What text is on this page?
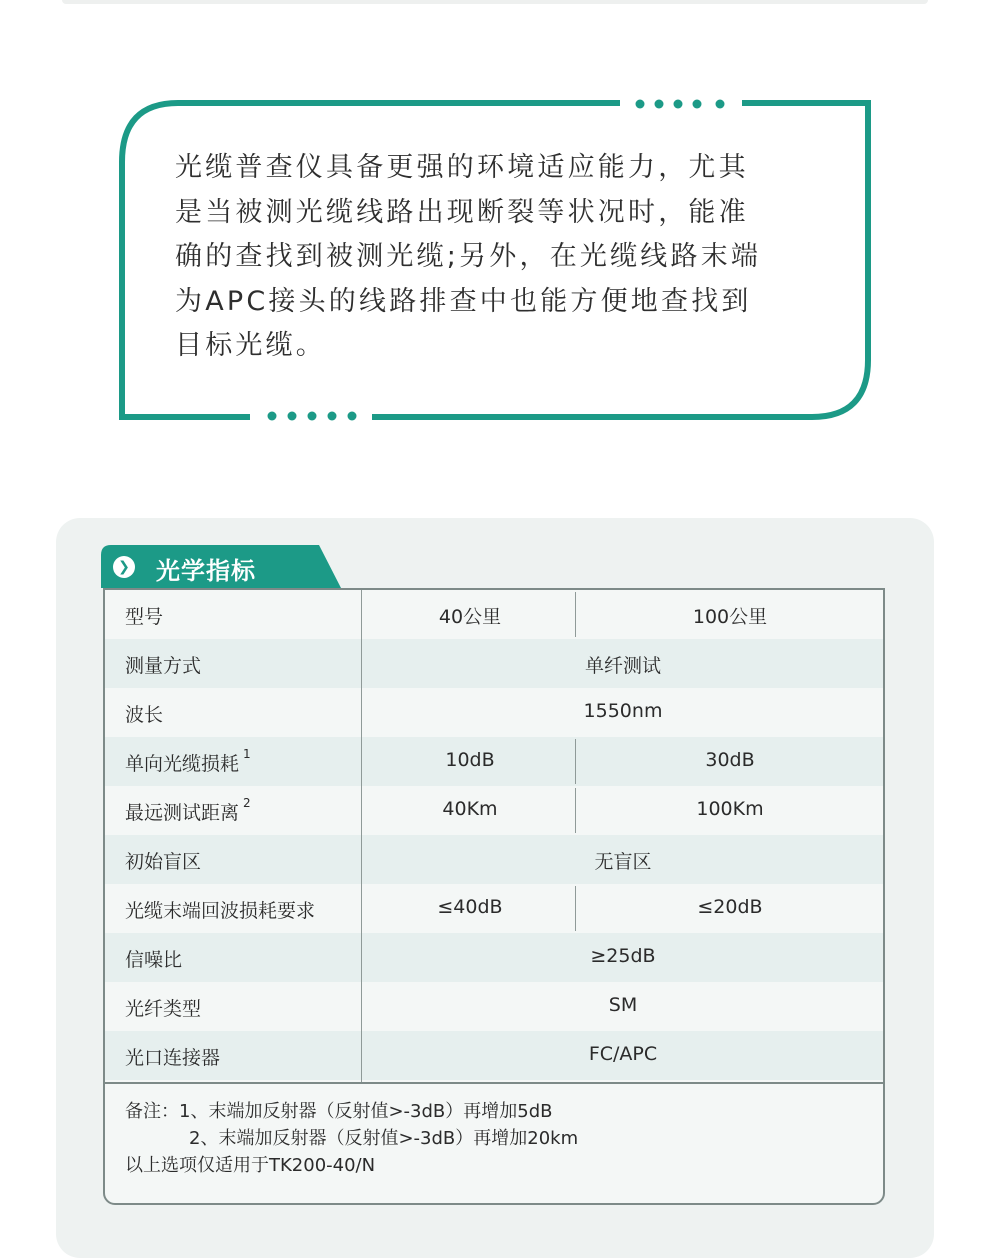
光缆普查仪具备更强的环境适应能力，尤其
是当被测光缆线路出现断裂等状况时，能准
确的查找到被测光缆;另外，在光缆线路末端
为APC接头的线路排查中也能方便地查找到
目标光缆。
❯ 光学指标
型号	40公里	100公里
测量方式	单纤测试
波长	1550nm
单向光缆损耗 $^1$	10dB	30dB
最远测试距离 $^2$	40Km	100Km
初始盲区	无盲区
光缆末端回波损耗要求	≤40dB	≤20dB
信噪比	≥25dB
光纤类型	SM
光口连接器	FC/APC
备注：1、末端加反射器（反射值>-3dB）再增加5dB
2、末端加反射器（反射值>-3dB）再增加20km
以上选项仅适用于TK200-40/N
